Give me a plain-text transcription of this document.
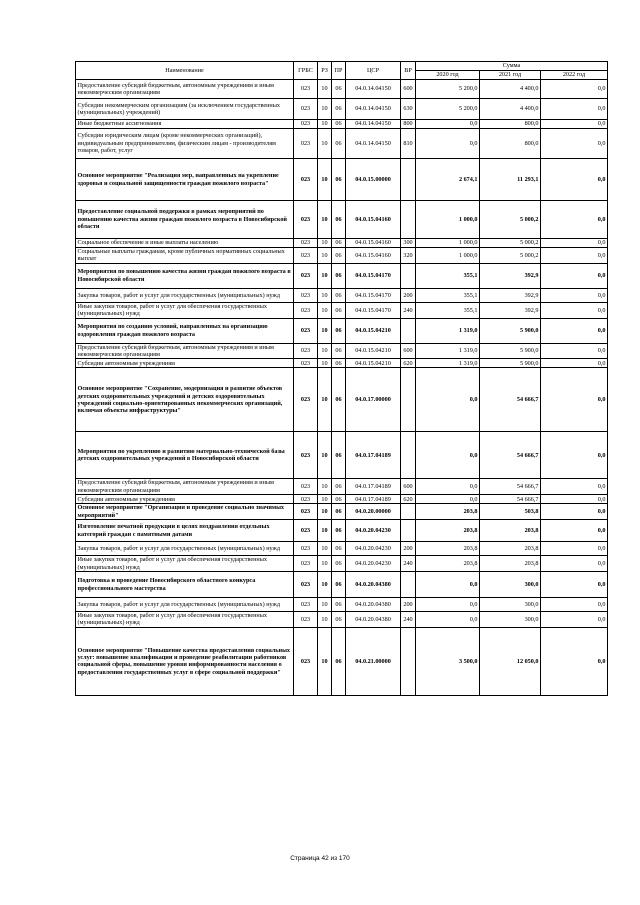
Наименование	ГРБС	РЗ	ПР	ЦСР	ВР	Сумма		
						2020 год	2021 год	2022 год
Предоставление субсидий бюджетным, автономным учреждениям и иным некоммерческим организациям	023	10	06	04.0.14.04150	600	5 200,0	4 400,0	0,0
Субсидии некоммерческим организациям (за исключением государственных (муниципальных) учреждений)	023	10	06	04.0.14.04150	630	5 200,0	4 400,0	0,0
Иные бюджетные ассигнования	023	10	06	04.0.14.04150	800	0,0	800,0	0,0
Субсидии юридическим лицам (кроме некоммерческих организаций), индивидуальным предпринимателям, физическим лицам - производителям товаров, работ, услуг	023	10	06	04.0.14.04150	810	0,0	800,0	0,0
Основное мероприятие "Реализация мер, направленных на укрепление здоровья и социальной защищенности граждан пожилого возраста"	023	10	06	04.0.15.00000		2 674,1	11 293,1	0,0
Предоставление социальной поддержки в рамках мероприятий по повышению качества жизни граждан пожилого возраста в Новосибирской области	023	10	06	04.0.15.04160		1 000,0	5 000,2	0,0
Социальное обеспечение и иные выплаты населению	023	10	06	04.0.15.04160	300	1 000,0	5 000,2	0,0
Социальные выплаты гражданам, кроме публичных нормативных социальных выплат	023	10	06	04.0.15.04160	320	1 000,0	5 000,2	0,0
Мероприятия по повышению качества жизни граждан пожилого возраста в Новосибирской области	023	10	06	04.0.15.04170		355,1	392,9	0,0
Закупка товаров, работ и услуг для государственных (муниципальных) нужд	023	10	06	04.0.15.04170	200	355,1	392,9	0,0
Иные закупки товаров, работ и услуг для обеспечения государственных (муниципальных) нужд	023	10	06	04.0.15.04170	240	355,1	392,9	0,0
Мероприятия по созданию условий, направленных на организацию оздоровления граждан пожилого возраста	023	10	06	04.0.15.04210		1 319,0	5 900,0	0,0
Предоставление субсидий бюджетным, автономным учреждениям и иным некоммерческим организациям	023	10	06	04.0.15.04210	600	1 319,0	5 900,0	0,0
Субсидии автономным учреждениям	023	10	06	04.0.15.04210	620	1 319,0	5 900,0	0,0
Основное мероприятие "Сохранение, модернизация и развитие объектов детских оздоровительных учреждений и детских оздоровительных учреждений социально-ориентированных некоммерческих организаций, включая объекты инфраструктуры"	023	10	06	04.0.17.00000		0,0	54 666,7	0,0
Мероприятия по укреплению и развитию материально-технической базы детских оздоровительных учреждений в Новосибирской области	023	10	06	04.0.17.04189		0,0	54 666,7	0,0
Предоставление субсидий бюджетным, автономным учреждениям и иным некоммерческим организациям	023	10	06	04.0.17.04189	600	0,0	54 666,7	0,0
Субсидии автономным учреждениям	023	10	06	04.0.17.04189	620	0,0	54 666,7	0,0
Основное мероприятие "Организация и проведение социально значимых мероприятий"	023	10	06	04.0.20.00000		203,8	503,8	0,0
Изготовление печатной продукции в целях поздравления отдельных категорий граждан с памятными датами	023	10	06	04.0.20.04230		203,8	203,8	0,0
Закупка товаров, работ и услуг для государственных (муниципальных) нужд	023	10	06	04.0.20.04230	200	203,8	203,8	0,0
Иные закупки товаров, работ и услуг для обеспечения государственных (муниципальных) нужд	023	10	06	04.0.20.04230	240	203,8	203,8	0,0
Подготовка и проведение Новосибирского областного конкурса профессионального мастерства	023	10	06	04.0.20.04380		0,0	300,0	0,0
Закупка товаров, работ и услуг для государственных (муниципальных) нужд	023	10	06	04.0.20.04380	200	0,0	300,0	0,0
Иные закупки товаров, работ и услуг для обеспечения государственных (муниципальных) нужд	023	10	06	04.0.20.04380	240	0,0	300,0	0,0
Основное мероприятие "Повышение качества предоставления социальных услуг: повышение квалификации и проведение реабилитации работников социальной сферы, повышение уровня информированности населения о предоставлении государственных услуг в сфере социальной поддержки"	023	10	06	04.0.21.00000		3 500,0	12 050,0	0,0
Страница 42 из 170
